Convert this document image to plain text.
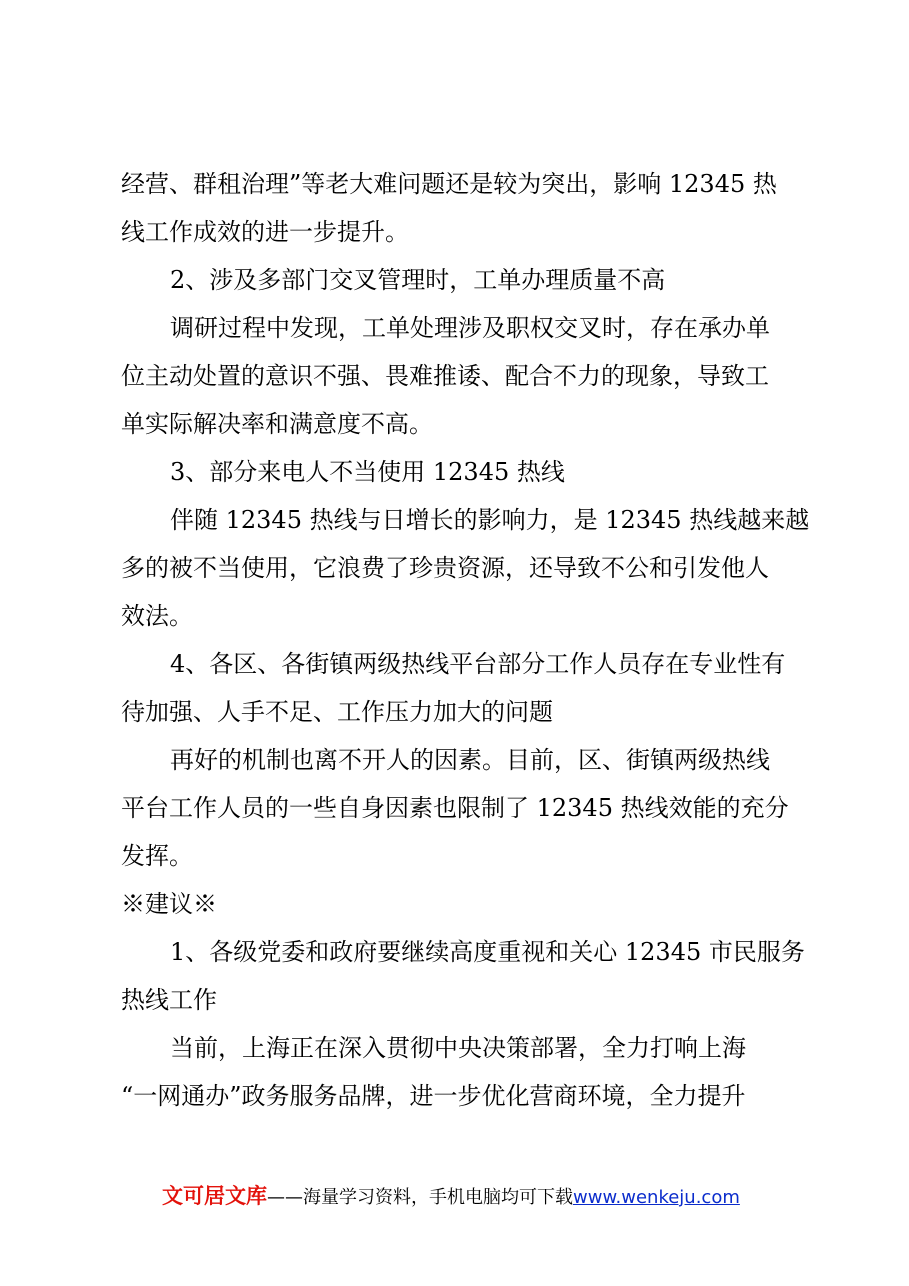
经营、群租治理”等老大难问题还是较为突出，影响 12345 热
线工作成效的进一步提升。
2、涉及多部门交叉管理时，工单办理质量不高
调研过程中发现，工单处理涉及职权交叉时，存在承办单
位主动处置的意识不强、畏难推诿、配合不力的现象，导致工
单实际解决率和满意度不高。
3、部分来电人不当使用 12345 热线
伴随 12345 热线与日增长的影响力，是 12345 热线越来越
多的被不当使用，它浪费了珍贵资源，还导致不公和引发他人
效法。
4、各区、各街镇两级热线平台部分工作人员存在专业性有
待加强、人手不足、工作压力加大的问题
再好的机制也离不开人的因素。目前，区、街镇两级热线
平台工作人员的一些自身因素也限制了 12345 热线效能的充分
发挥。
※建议※
1、各级党委和政府要继续高度重视和关心 12345 市民服务
热线工作
当前，上海正在深入贯彻中央决策部署，全力打响上海
“一网通办”政务服务品牌，进一步优化营商环境，全力提升
文可居文库——海量学习资料，手机电脑均可下载www.wenkeju.com
